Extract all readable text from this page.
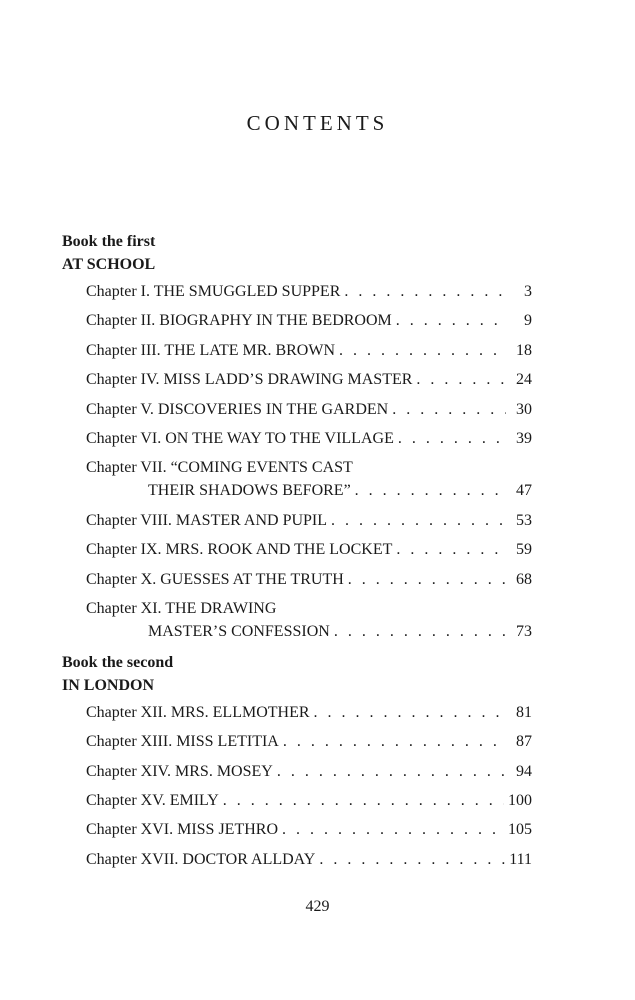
CONTENTS
Book the first
AT SCHOOL
Chapter I. THE SMUGGLED SUPPER . . .	3
Chapter II. BIOGRAPHY IN THE BEDROOM . . .	9
Chapter III. THE LATE MR. BROWN . . .	18
Chapter IV. MISS LADD’S DRAWING MASTER . . .	24
Chapter V. DISCOVERIES IN THE GARDEN . . .	30
Chapter VI. ON THE WAY TO THE VILLAGE . . .	39
Chapter VII. “COMING EVENTS CAST
THEIR SHADOWS BEFORE” . . .	47
Chapter VIII. MASTER AND PUPIL . . .	53
Chapter IX. MRS. ROOK AND THE LOCKET . . .	59
Chapter X. GUESSES AT THE TRUTH . . .	68
Chapter XI. THE DRAWING
MASTER’S CONFESSION . . .	73
Book the second
IN LONDON
Chapter XII. MRS. ELLMOTHER . . .	81
Chapter XIII. MISS LETITIA . . .	87
Chapter XIV. MRS. MOSEY . . .	94
Chapter XV. EMILY . . .	100
Chapter XVI. MISS JETHRO . . .	105
Chapter XVII. DOCTOR ALLDAY . . .	111
429
